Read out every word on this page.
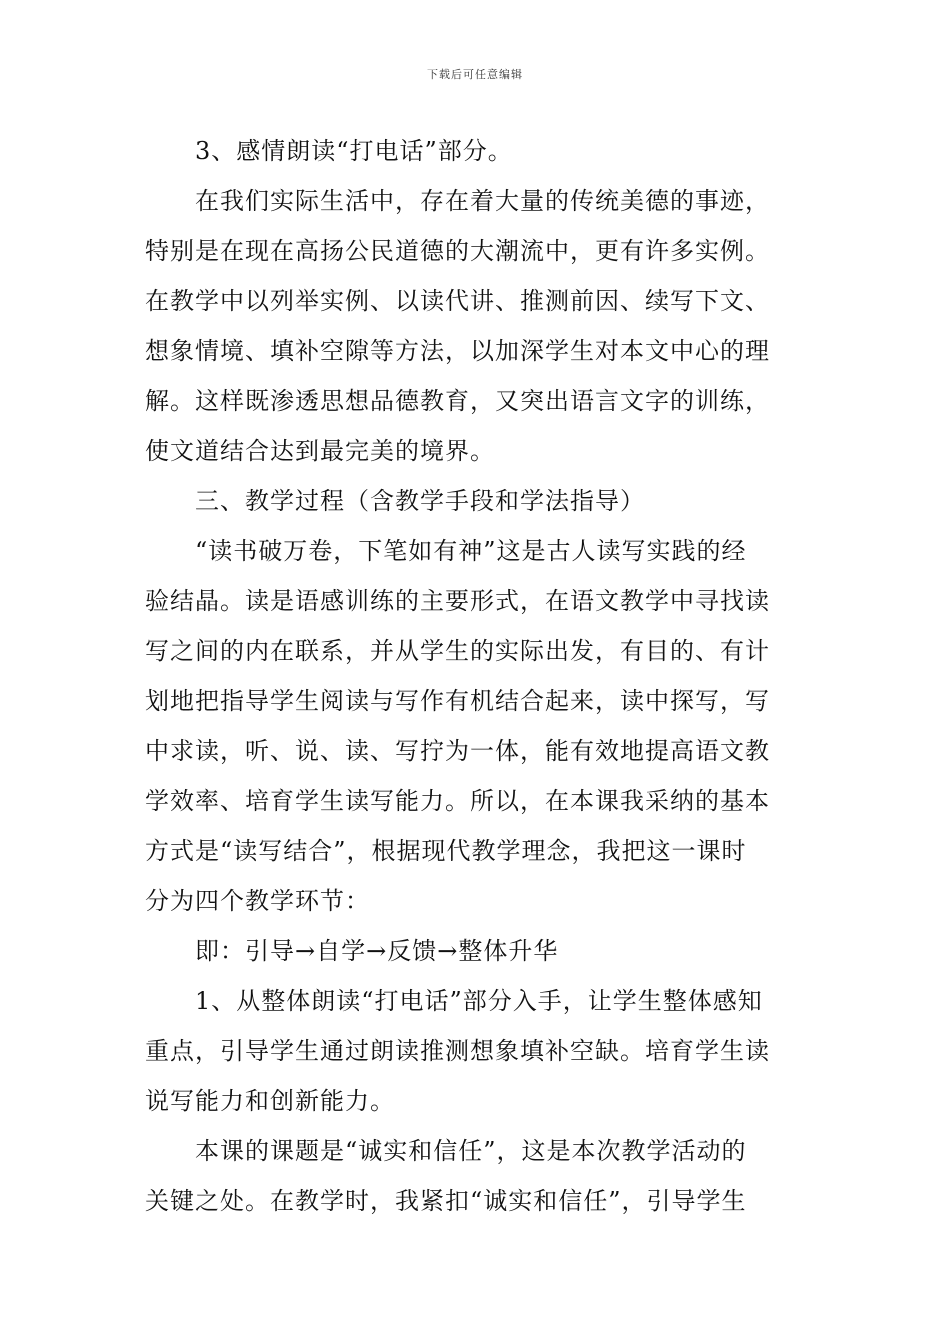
下载后可任意编辑

3、感情朗读“打电话”部分。

在我们实际生活中，存在着大量的传统美德的事迹，

特别是在现在高扬公民道德的大潮流中，更有许多实例。

在教学中以列举实例、以读代讲、推测前因、续写下文、

想象情境、填补空隙等方法，以加深学生对本文中心的理

解。这样既渗透思想品德教育，又突出语言文字的训练，

使文道结合达到最完美的境界。

三、教学过程（含教学手段和学法指导）

“读书破万卷，下笔如有神”这是古人读写实践的经

验结晶。读是语感训练的主要形式，在语文教学中寻找读

写之间的内在联系，并从学生的实际出发，有目的、有计

划地把指导学生阅读与写作有机结合起来，读中探写，写

中求读，听、说、读、写拧为一体，能有效地提高语文教

学效率、培育学生读写能力。所以，在本课我采纳的基本

方式是“读写结合”，根据现代教学理念，我把这一课时

分为四个教学环节：

即：引导→自学→反馈→整体升华

1、从整体朗读“打电话”部分入手，让学生整体感知

重点，引导学生通过朗读推测想象填补空缺。培育学生读

说写能力和创新能力。

本课的课题是“诚实和信任”，这是本次教学活动的

关键之处。在教学时，我紧扣“诚实和信任”，引导学生
